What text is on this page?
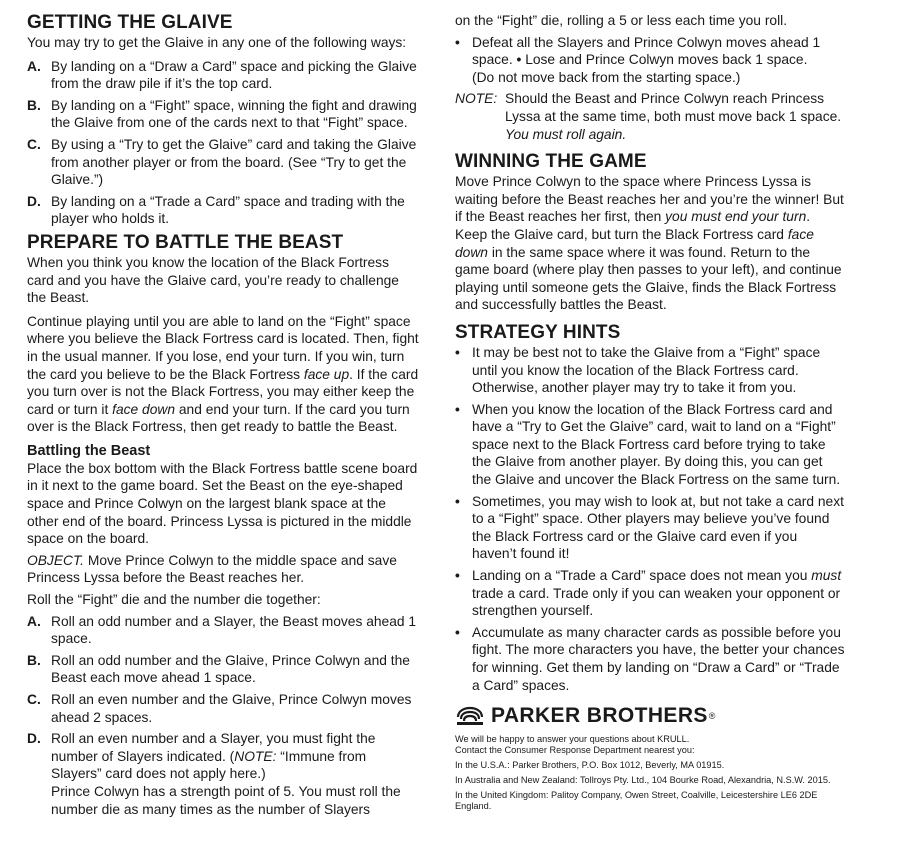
GETTING THE GLAIVE

You may try to get the Glaive in any one of the following ways:

A. By landing on a “Draw a Card” space and picking the Glaive from the draw pile if it’s the top card.
B. By landing on a “Fight” space, winning the fight and drawing the Glaive from one of the cards next to that “Fight” space.
C. By using a “Try to get the Glaive” card and taking the Glaive from another player or from the board. (See “Try to get the Glaive.”)
D. By landing on a “Trade a Card” space and trading with the player who holds it.
PREPARE TO BATTLE THE BEAST

When you think you know the location of the Black Fortress card and you have the Glaive card, you’re ready to challenge the Beast.

Continue playing until you are able to land on the “Fight” space where you believe the Black Fortress card is located. Then, fight in the usual manner. If you lose, end your turn. If you win, turn the card you believe to be the Black Fortress face up. If the card you turn over is not the Black Fortress, you may either keep the card or turn it face down and end your turn. If the card you turn over is the Black Fortress, then get ready to battle the Beast.

Battling the Beast

Place the box bottom with the Black Fortress battle scene board in it next to the game board. Set the Beast on the eye-shaped space and Prince Colwyn on the largest blank space at the other end of the board. Princess Lyssa is pictured in the middle space on the board.

OBJECT. Move Prince Colwyn to the middle space and save Princess Lyssa before the Beast reaches her.

Roll the “Fight” die and the number die together:

A. Roll an odd number and a Slayer, the Beast moves ahead 1 space.
B. Roll an odd number and the Glaive, Prince Colwyn and the Beast each move ahead 1 space.
C. Roll an even number and the Glaive, Prince Colwyn moves ahead 2 spaces.
D. Roll an even number and a Slayer, you must fight the number of Slayers indicated. (NOTE: “Immune from Slayers” card does not apply here.)
Prince Colwyn has a strength point of 5. You must roll the number die as many times as the number of Slayers

on the “Fight” die, rolling a 5 or less each time you roll.

• Defeat all the Slayers and Prince Colwyn moves ahead 1 space. • Lose and Prince Colwyn moves back 1 space.
(Do not move back from the starting space.)
NOTE: Should the Beast and Prince Colwyn reach Princess Lyssa at the same time, both must move back 1 space. You must roll again.
WINNING THE GAME

Move Prince Colwyn to the space where Princess Lyssa is waiting before the Beast reaches her and you’re the winner! But if the Beast reaches her first, then you must end your turn. Keep the Glaive card, but turn the Black Fortress card face down in the same space where it was found. Return to the game board (where play then passes to your left), and continue playing until someone gets the Glaive, finds the Black Fortress and successfully battles the Beast.

STRATEGY HINTS
• It may be best not to take the Glaive from a “Fight” space until you know the location of the Black Fortress card. Otherwise, another player may try to take it from you.
• When you know the location of the Black Fortress card and have a “Try to Get the Glaive” card, wait to land on a “Fight” space next to the Black Fortress card before trying to take the Glaive from another player. By doing this, you can get the Glaive and uncover the Black Fortress on the same turn.
• Sometimes, you may wish to look at, but not take a card next to a “Fight” space. Other players may believe you’ve found the Black Fortress card or the Glaive card even if you haven’t found it!
• Landing on a “Trade a Card” space does not mean you must trade a card. Trade only if you can weaken your opponent or strengthen yourself.
• Accumulate as many character cards as possible before you fight. The more characters you have, the better your chances for winning. Get them by landing on “Draw a Card” or “Trade a Card” spaces.
PARKER BROTHERS ®

We will be happy to answer your questions about KRULL.

Contact the Consumer Response Department nearest you:

In the U.S.A.: Parker Brothers, P.O. Box 1012, Beverly, MA 01915.

In Australia and New Zealand: Tollroys Pty. Ltd., 104 Bourke Road, Alexandria, N.S.W. 2015.

In the United Kingdom: Palitoy Company, Owen Street, Coalville, Leicestershire LE6 2DE England.
